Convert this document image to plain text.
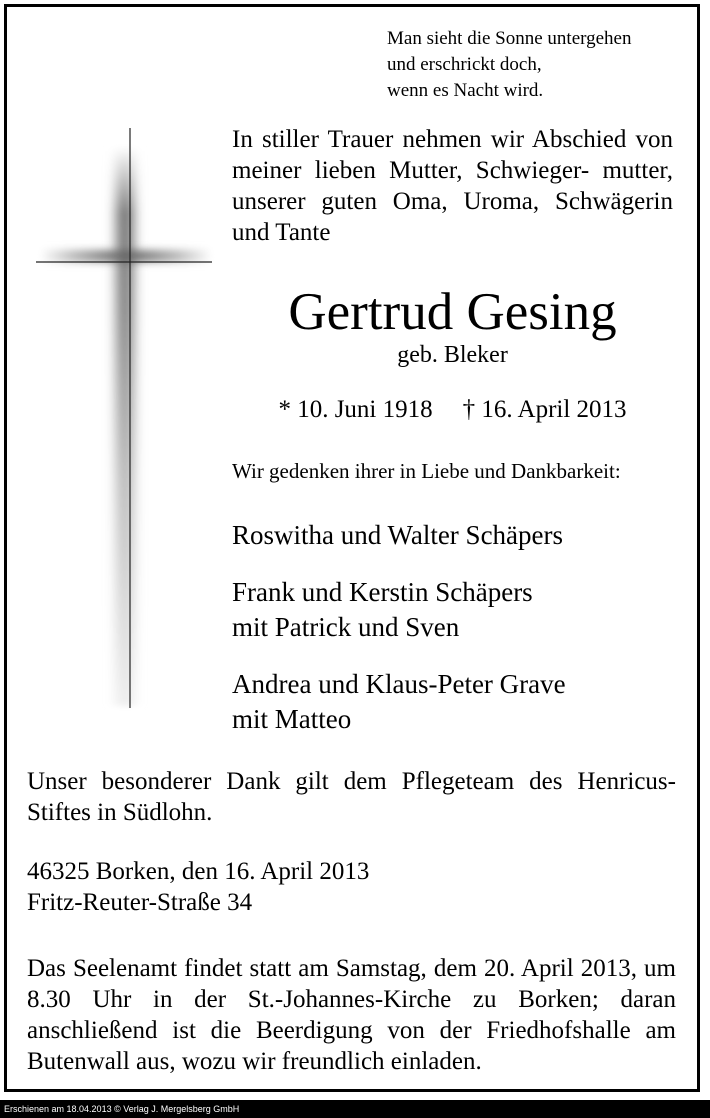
Man sieht die Sonne untergehen
und erschrickt doch,
wenn es Nacht wird.
In stiller Trauer nehmen wir Abschied von meiner lieben Mutter, Schwieger- mutter, unserer guten Oma, Uroma, Schwägerin und Tante
Gertrud Gesing
geb. Bleker
* 10. Juni 1918 † 16. April 2013
Wir gedenken ihrer in Liebe und Dankbarkeit:
Roswitha und Walter Schäpers
Frank und Kerstin Schäpers
mit Patrick und Sven
Andrea und Klaus-Peter Grave
mit Matteo
Unser besonderer Dank gilt dem Pflegeteam des Henricus- Stiftes in Südlohn.
46325 Borken, den 16. April 2013
Fritz-Reuter-Straße 34
Das Seelenamt findet statt am Samstag, dem 20. April 2013, um 8.30 Uhr in der St.-Johannes-Kirche zu Borken; daran anschließend ist die Beerdigung von der Friedhofshalle am Butenwall aus, wozu wir freundlich einladen.
Erschienen am 18.04.2013 © Verlag J. Mergelsberg GmbH
